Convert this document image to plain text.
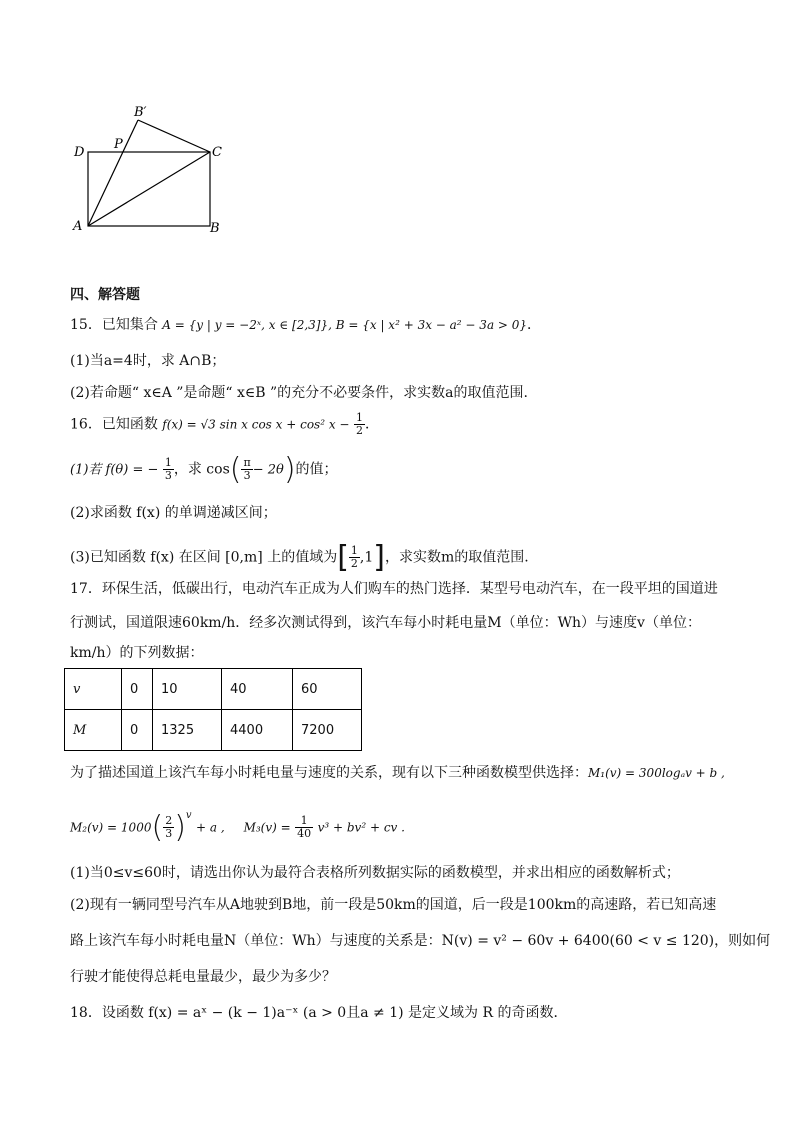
D
P
B′
C
A	B
四、解答题
15．已知集合 A = {y | y = −2ˣ, x ∈ [2,3]}, B = {x | x² + 3x − a² − 3a > 0}．
(1)当a=4时，求 A∩B；
(2)若命题“ x∈A ”是命题“ x∈B ”的充分不必要条件，求实数a的取值范围.
16．已知函数 f(x) = √3 sin x cos x + cos² $x - \frac{1}{2}$ ．
(1)若 f(θ) = − $\frac{1}{3}$ ，求 $\cos( \frac{\pi}{3} - 2\theta)$的值；
(2)求函数 f(x) 的单调递减区间；
(3)已知函数 f(x) 在区间 [0,m] 上的值域为[ $\frac{1}{2} ,1$]，求实数m的取值范围.
17．环保生活，低碳出行，电动汽车正成为人们购车的热门选择．某型号电动汽车，在一段平坦的国道进
行测试，国道限速60km/h．经多次测试得到，该汽车每小时耗电量M（单位：Wh）与速度v（单位：
km/h）的下列数据：
v	0	10	40	60
M	0	1325	4400	7200
为了描述国道上该汽车每小时耗电量与速度的关系，现有以下三种函数模型供选择：M₁(v) = 300logₐv + b ,
$M_2(v) = 1000( \frac{2}{3} )^v + a$ , $M_3(v) = \frac{1}{40} v^3 + bv^2$ + cv .
(1)当0≤v≤60时，请选出你认为最符合表格所列数据实际的函数模型，并求出相应的函数解析式；
(2)现有一辆同型号汽车从A地驶到B地，前一段是50km的国道，后一段是100km的高速路，若已知高速
路上该汽车每小时耗电量N（单位：Wh）与速度的关系是：N(v) = v² − 60v + 6400(60 < v ≤ 120)，则如何
行驶才能使得总耗电量最少，最少为多少？
18．设函数 f(x) = aˣ − (k − 1)a⁻ˣ (a > 0且a ≠ 1) 是定义域为 R 的奇函数．
